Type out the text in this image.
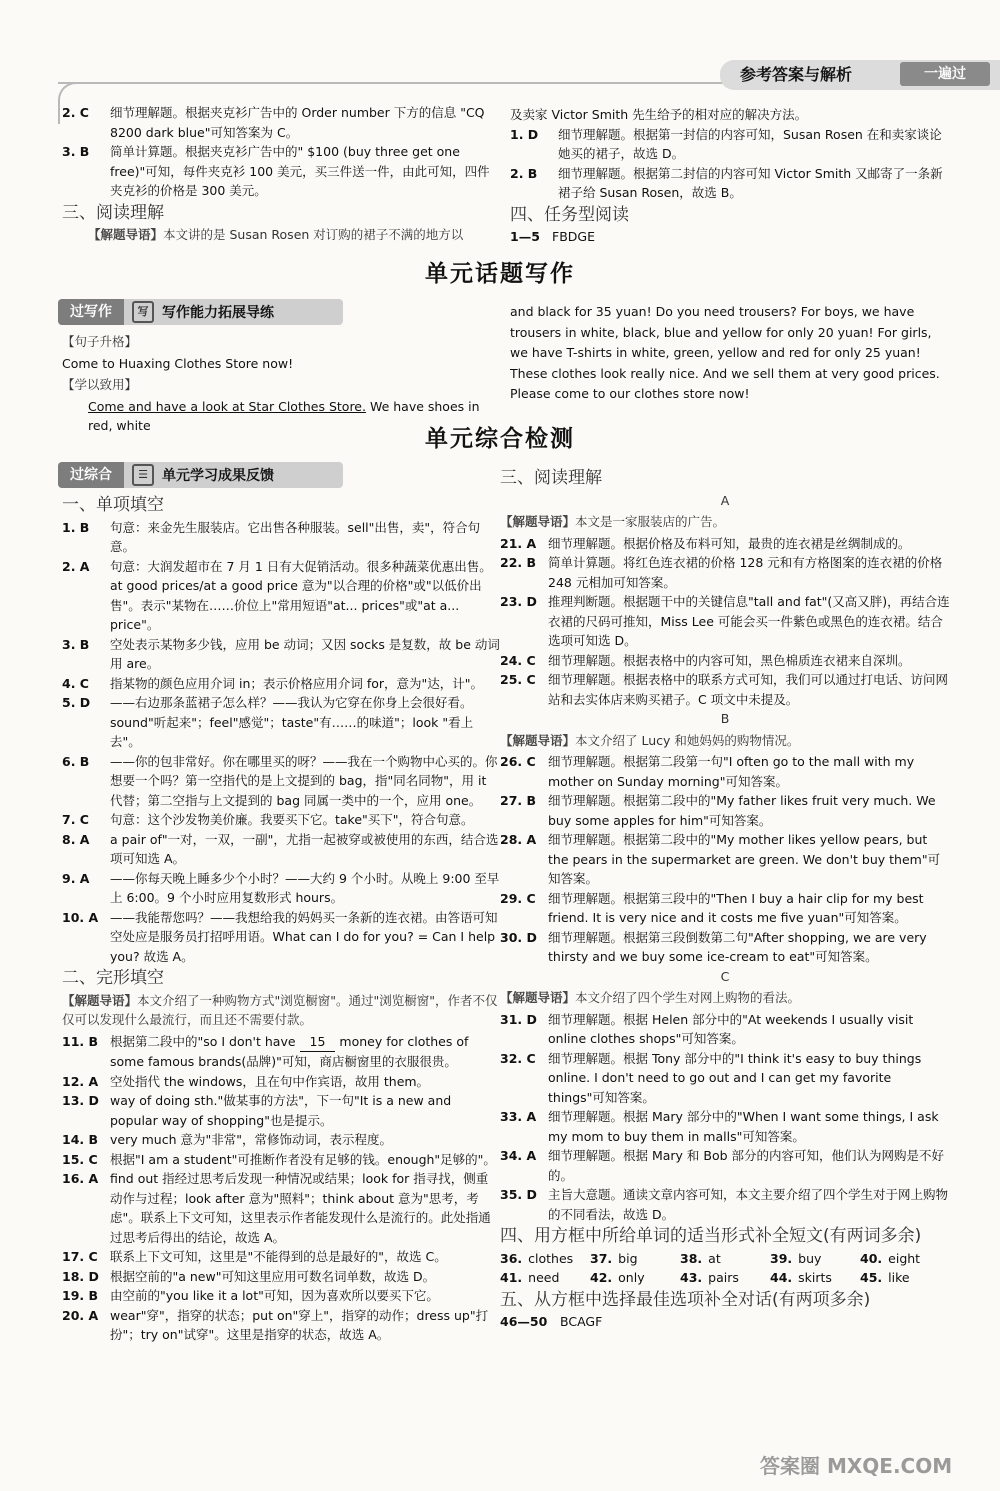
参考答案与解析	一遍过
2. C	细节理解题。根据夹克衫广告中的 Order number 下方的信息 "CQ 8200 dark blue"可知答案为 C。
3. B	简单计算题。根据夹克衫广告中的" $100 (buy three get one free)"可知，每件夹克衫 100 美元，买三件送一件，由此可知，四件夹克衫的价格是 300 美元。
三、阅读理解
【解题导语】本文讲的是 Susan Rosen 对订购的裙子不满的地方以
及卖家 Victor Smith 先生给予的相对应的解决方法。
1. D	细节理解题。根据第一封信的内容可知，Susan Rosen 在和卖家谈论她买的裙子，故选 D。
2. B	细节理解题。根据第二封信的内容可知 Victor Smith 又邮寄了一条新裙子给 Susan Rosen，故选 B。
四、任务型阅读
1—5 FBDGE
单元话题写作
过写作	写 写作能力拓展导练
【句子升格】
Come to Huaxing Clothes Store now!
【学以致用】
Come and have a look at Star Clothes Store. We have shoes in red, white
and black for 35 yuan! Do you need trousers? For boys, we have trousers in white, black, blue and yellow for only 20 yuan! For girls, we have T-shirts in white, green, yellow and red for only 25 yuan! These clothes look really nice. And we sell them at very good prices. Please come to our clothes store now!
单元综合检测
过综合	☰	单元学习成果反馈
一、单项填空
1. B	句意：来金先生服装店。它出售各种服装。sell"出售，卖"，符合句意。
2. A	句意：大润发超市在 7 月 1 日有大促销活动。很多种蔬菜优惠出售。at good prices/at a good price 意为"以合理的价格"或"以低价出售"。表示"某物在……价位上"常用短语"at... prices"或"at a... price"。
3. B	空处表示某物多少钱，应用 be 动词；又因 socks 是复数，故 be 动词用 are。
4. C	指某物的颜色应用介词 in；表示价格应用介词 for，意为"达，计"。
5. D	——右边那条蓝裙子怎么样？——我认为它穿在你身上会很好看。sound"听起来"；feel"感觉"；taste"有……的味道"；look "看上去"。
6. B	——你的包非常好。你在哪里买的呀？——我在一个购物中心买的。你想要一个吗？第一空指代的是上文提到的 bag，指"同名同物"，用 it 代替；第二空指与上文提到的 bag 同属一类中的一个，应用 one。
7. C	句意：这个沙发物美价廉。我要买下它。take"买下"，符合句意。
8. A	a pair of"一对，一双，一副"，尤指一起被穿或被使用的东西，结合选项可知选 A。
9. A	——你每天晚上睡多少个小时？——大约 9 个小时。从晚上 9:00 至早上 6:00。9 个小时应用复数形式 hours。
10. A ——我能帮您吗？——我想给我的妈妈买一条新的连衣裙。由答语可知空处应是服务员打招呼用语。What can I do for you? = Can I help you? 故选 A。
二、完形填空
【解题导语】本文介绍了一种购物方式"浏览橱窗"。通过"浏览橱窗"，作者不仅仅可以发现什么最流行，而且还不需要付款。
11. B 根据第二段中的"so I don't have 15 money for clothes of some famous brands(品牌)"可知，商店橱窗里的衣服很贵。
12. A 空处指代 the windows，且在句中作宾语，故用 them。
13. D way of doing sth."做某事的方法"，下一句"It is a new and popular way of shopping"也是提示。
14. B very much 意为"非常"，常修饰动词，表示程度。
15. C 根据"I am a student"可推断作者没有足够的钱。enough"足够的"。
16. A find out 指经过思考后发现一种情况或结果；look for 指寻找，侧重动作与过程；look after 意为"照料"；think about 意为"思考，考虑"。联系上下文可知，这里表示作者能发现什么是流行的。此处指通过思考后得出的结论，故选 A。
17. C 联系上下文可知，这里是"不能得到的总是最好的"，故选 C。
18. D 根据空前的"a new"可知这里应用可数名词单数，故选 D。
19. B 由空前的"you like it a lot"可知，因为喜欢所以要买下它。
20. A wear"穿"，指穿的状态；put on"穿上"，指穿的动作；dress up"打扮"；try on"试穿"。这里是指穿的状态，故选 A。
三、阅读理解
A
【解题导语】本文是一家服装店的广告。
21. A 细节理解题。根据价格及布料可知，最贵的连衣裙是丝绸制成的。
22. B 简单计算题。将红色连衣裙的价格 128 元和有方格图案的连衣裙的价格 248 元相加可知答案。
23. D 推理判断题。根据题干中的关键信息"tall and fat"(又高又胖)，再结合连衣裙的尺码可推知，Miss Lee 可能会买一件紫色或黑色的连衣裙。结合选项可知选 D。
24. C 细节理解题。根据表格中的内容可知，黑色棉质连衣裙来自深圳。
25. C 细节理解题。根据表格中的联系方式可知，我们可以通过打电话、访问网站和去实体店来购买裙子。C 项文中未提及。
B
【解题导语】本文介绍了 Lucy 和她妈妈的购物情况。
26. C 细节理解题。根据第二段第一句"I often go to the mall with my mother on Sunday morning"可知答案。
27. B 细节理解题。根据第二段中的"My father likes fruit very much. We buy some apples for him"可知答案。
28. A 细节理解题。根据第二段中的"My mother likes yellow pears, but the pears in the supermarket are green. We don't buy them"可知答案。
29. C 细节理解题。根据第三段中的"Then I buy a hair clip for my best friend. It is very nice and it costs me five yuan"可知答案。
30. D 细节理解题。根据第三段倒数第二句"After shopping, we are very thirsty and we buy some ice-cream to eat"可知答案。
C
【解题导语】本文介绍了四个学生对网上购物的看法。
31. D 细节理解题。根据 Helen 部分中的"At weekends I usually visit online clothes shops"可知答案。
32. C 细节理解题。根据 Tony 部分中的"I think it's easy to buy things online. I don't need to go out and I can get my favorite things"可知答案。
33. A 细节理解题。根据 Mary 部分中的"When I want some things, I ask my mom to buy them in malls"可知答案。
34. A 细节理解题。根据 Mary 和 Bob 部分的内容可知，他们认为网购是不好的。
35. D 主旨大意题。通读文章内容可知，本文主要介绍了四个学生对于网上购物的不同看法，故选 D。
四、用方框中所给单词的适当形式补全短文(有两词多余)
36. clothes	37. big	38. at	39. buy	40. eight
41. need	42. only	43. pairs	44. skirts	45. like
五、从方框中选择最佳选项补全对话(有两项多余)
46—50	BCAGF
答案圈 MXQE.COM
